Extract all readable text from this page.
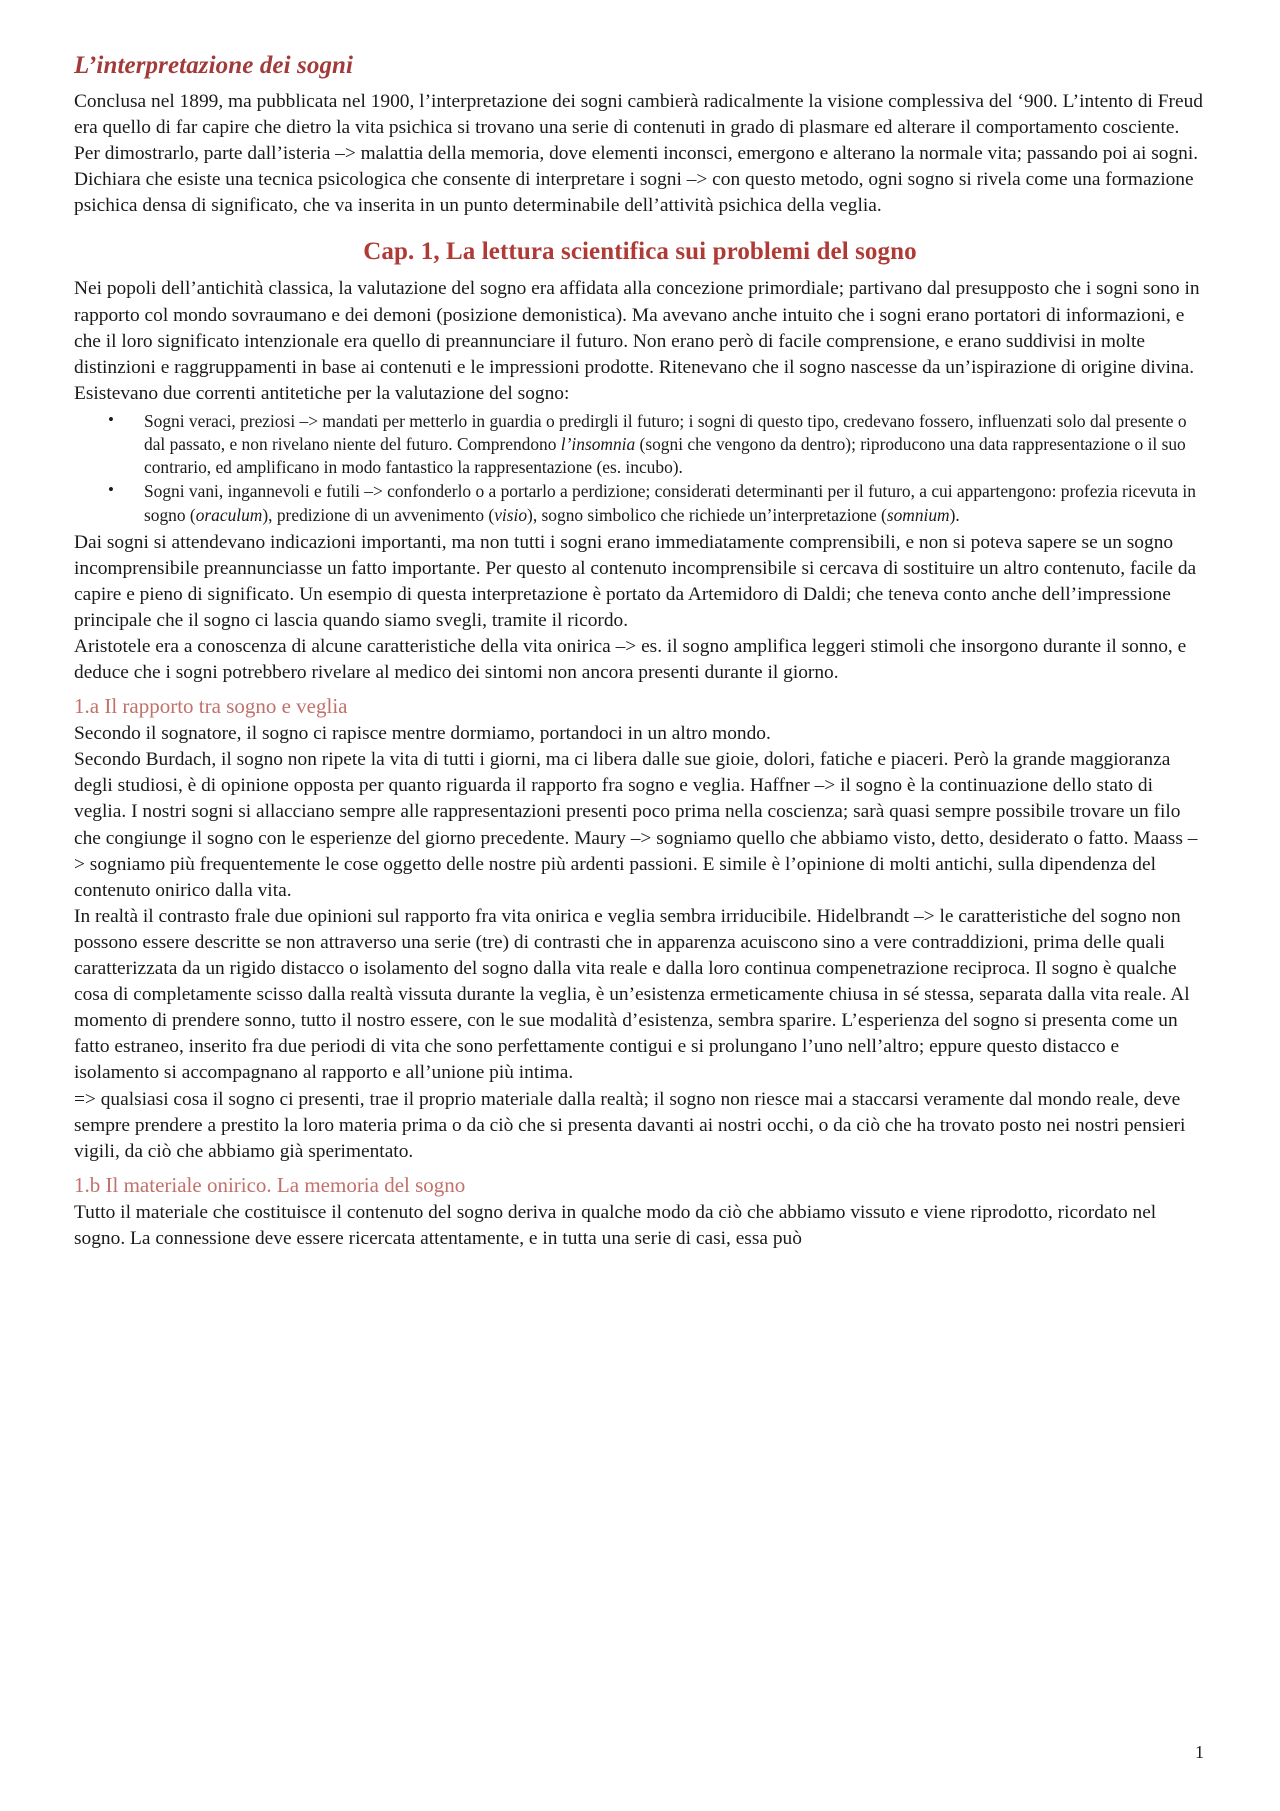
L’interpretazione dei sogni

Conclusa nel 1899, ma pubblicata nel 1900, l’interpretazione dei sogni cambierà radicalmente la visione complessiva del ‘900. L’intento di Freud era quello di far capire che dietro la vita psichica si trovano una serie di contenuti in grado di plasmare ed alterare il comportamento cosciente. Per dimostrarlo, parte dall’isteria –> malattia della memoria, dove elementi inconsci, emergono e alterano la normale vita; passando poi ai sogni.

Dichiara che esiste una tecnica psicologica che consente di interpretare i sogni –> con questo metodo, ogni sogno si rivela come una formazione psichica densa di significato, che va inserita in un punto determinabile dell’attività psichica della veglia.

Cap. 1, La lettura scientifica sui problemi del sogno

Nei popoli dell’antichità classica, la valutazione del sogno era affidata alla concezione primordiale; partivano dal presupposto che i sogni sono in rapporto col mondo sovraumano e dei demoni (posizione demonistica). Ma avevano anche intuito che i sogni erano portatori di informazioni, e che il loro significato intenzionale era quello di preannunciare il futuro. Non erano però di facile comprensione, e erano suddivisi in molte distinzioni e raggruppamenti in base ai contenuti e le impressioni prodotte. Ritenevano che il sogno nascesse da un’ispirazione di origine divina. Esistevano due correnti antitetiche per la valutazione del sogno:

• Sogni veraci, preziosi –> mandati per metterlo in guardia o predirgli il futuro; i sogni di questo tipo, credevano fossero, influenzati solo dal presente o dal passato, e non rivelano niente del futuro. Comprendono l’insomnia (sogni che vengono da dentro); riproducono una data rappresentazione o il suo contrario, ed amplificano in modo fantastico la rappresentazione (es. incubo).
• Sogni vani, ingannevoli e futili –> confonderlo o a portarlo a perdizione; considerati determinanti per il futuro, a cui appartengono: profezia ricevuta in sogno (oraculum), predizione di un avvenimento (visio), sogno simbolico che richiede un’interpretazione (somnium).

Dai sogni si attendevano indicazioni importanti, ma non tutti i sogni erano immediatamente comprensibili, e non si poteva sapere se un sogno incomprensibile preannunciasse un fatto importante. Per questo al contenuto incomprensibile si cercava di sostituire un altro contenuto, facile da capire e pieno di significato. Un esempio di questa interpretazione è portato da Artemidoro di Daldi; che teneva conto anche dell’impressione principale che il sogno ci lascia quando siamo svegli, tramite il ricordo.

Aristotele era a conoscenza di alcune caratteristiche della vita onirica –> es. il sogno amplifica leggeri stimoli che insorgono durante il sonno, e deduce che i sogni potrebbero rivelare al medico dei sintomi non ancora presenti durante il giorno.

1.a Il rapporto tra sogno e veglia

Secondo il sognatore, il sogno ci rapisce mentre dormiamo, portandoci in un altro mondo.

Secondo Burdach, il sogno non ripete la vita di tutti i giorni, ma ci libera dalle sue gioie, dolori, fatiche e piaceri. Però la grande maggioranza degli studiosi, è di opinione opposta per quanto riguarda il rapporto fra sogno e veglia. Haffner –> il sogno è la continuazione dello stato di veglia. I nostri sogni si allacciano sempre alle rappresentazioni presenti poco prima nella coscienza; sarà quasi sempre possibile trovare un filo che congiunge il sogno con le esperienze del giorno precedente. Maury –> sogniamo quello che abbiamo visto, detto, desiderato o fatto. Maass –> sogniamo più frequentemente le cose oggetto delle nostre più ardenti passioni. E simile è l’opinione di molti antichi, sulla dipendenza del contenuto onirico dalla vita.

In realtà il contrasto frale due opinioni sul rapporto fra vita onirica e veglia sembra irriducibile. Hidelbrandt –> le caratteristiche del sogno non possono essere descritte se non attraverso una serie (tre) di contrasti che in apparenza acuiscono sino a vere contraddizioni, prima delle quali caratterizzata da un rigido distacco o isolamento del sogno dalla vita reale e dalla loro continua compenetrazione reciproca. Il sogno è qualche cosa di completamente scisso dalla realtà vissuta durante la veglia, è un’esistenza ermeticamente chiusa in sé stessa, separata dalla vita reale. Al momento di prendere sonno, tutto il nostro essere, con le sue modalità d’esistenza, sembra sparire. L’esperienza del sogno si presenta come un fatto estraneo, inserito fra due periodi di vita che sono perfettamente contigui e si prolungano l’uno nell’altro; eppure questo distacco e isolamento si accompagnano al rapporto e all’unione più intima.

=> qualsiasi cosa il sogno ci presenti, trae il proprio materiale dalla realtà; il sogno non riesce mai a staccarsi veramente dal mondo reale, deve sempre prendere a prestito la loro materia prima o da ciò che si presenta davanti ai nostri occhi, o da ciò che ha trovato posto nei nostri pensieri vigili, da ciò che abbiamo già sperimentato.

1.b Il materiale onirico. La memoria del sogno

Tutto il materiale che costituisce il contenuto del sogno deriva in qualche modo da ciò che abbiamo vissuto e viene riprodotto, ricordato nel sogno. La connessione deve essere ricercata attentamente, e in tutta una serie di casi, essa può

1
